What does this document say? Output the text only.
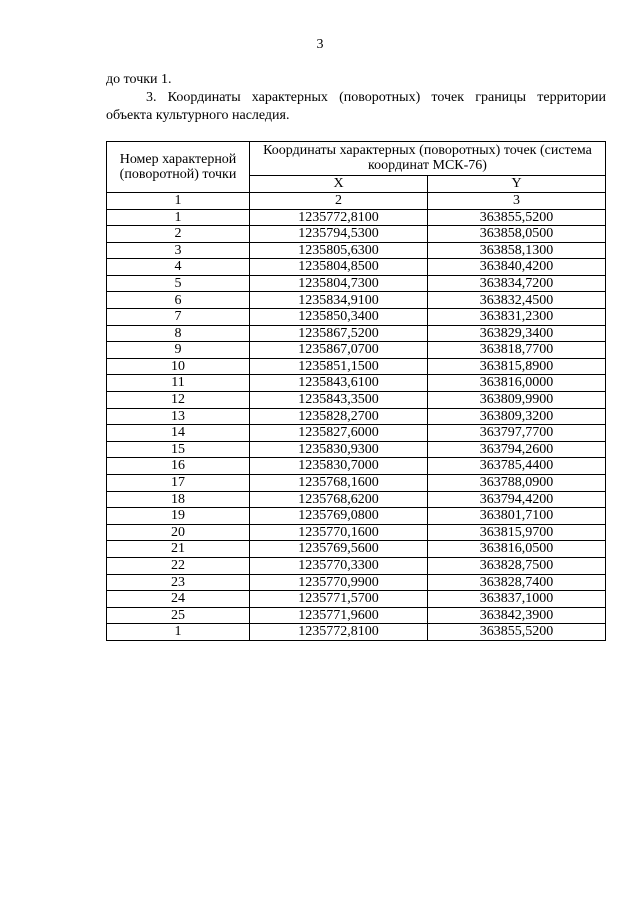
3
до точки 1.
3. Координаты характерных (поворотных) точек границы территории
объекта культурного наследия.
Номер характерной (поворотной) точки	Координаты характерных (поворотных) точек (система координат МСК-76)	
	X	Y
1	2	3
1	1235772,8100	363855,5200
2	1235794,5300	363858,0500
3	1235805,6300	363858,1300
4	1235804,8500	363840,4200
5	1235804,7300	363834,7200
6	1235834,9100	363832,4500
7	1235850,3400	363831,2300
8	1235867,5200	363829,3400
9	1235867,0700	363818,7700
10	1235851,1500	363815,8900
11	1235843,6100	363816,0000
12	1235843,3500	363809,9900
13	1235828,2700	363809,3200
14	1235827,6000	363797,7700
15	1235830,9300	363794,2600
16	1235830,7000	363785,4400
17	1235768,1600	363788,0900
18	1235768,6200	363794,4200
19	1235769,0800	363801,7100
20	1235770,1600	363815,9700
21	1235769,5600	363816,0500
22	1235770,3300	363828,7500
23	1235770,9900	363828,7400
24	1235771,5700	363837,1000
25	1235771,9600	363842,3900
1	1235772,8100	363855,5200
